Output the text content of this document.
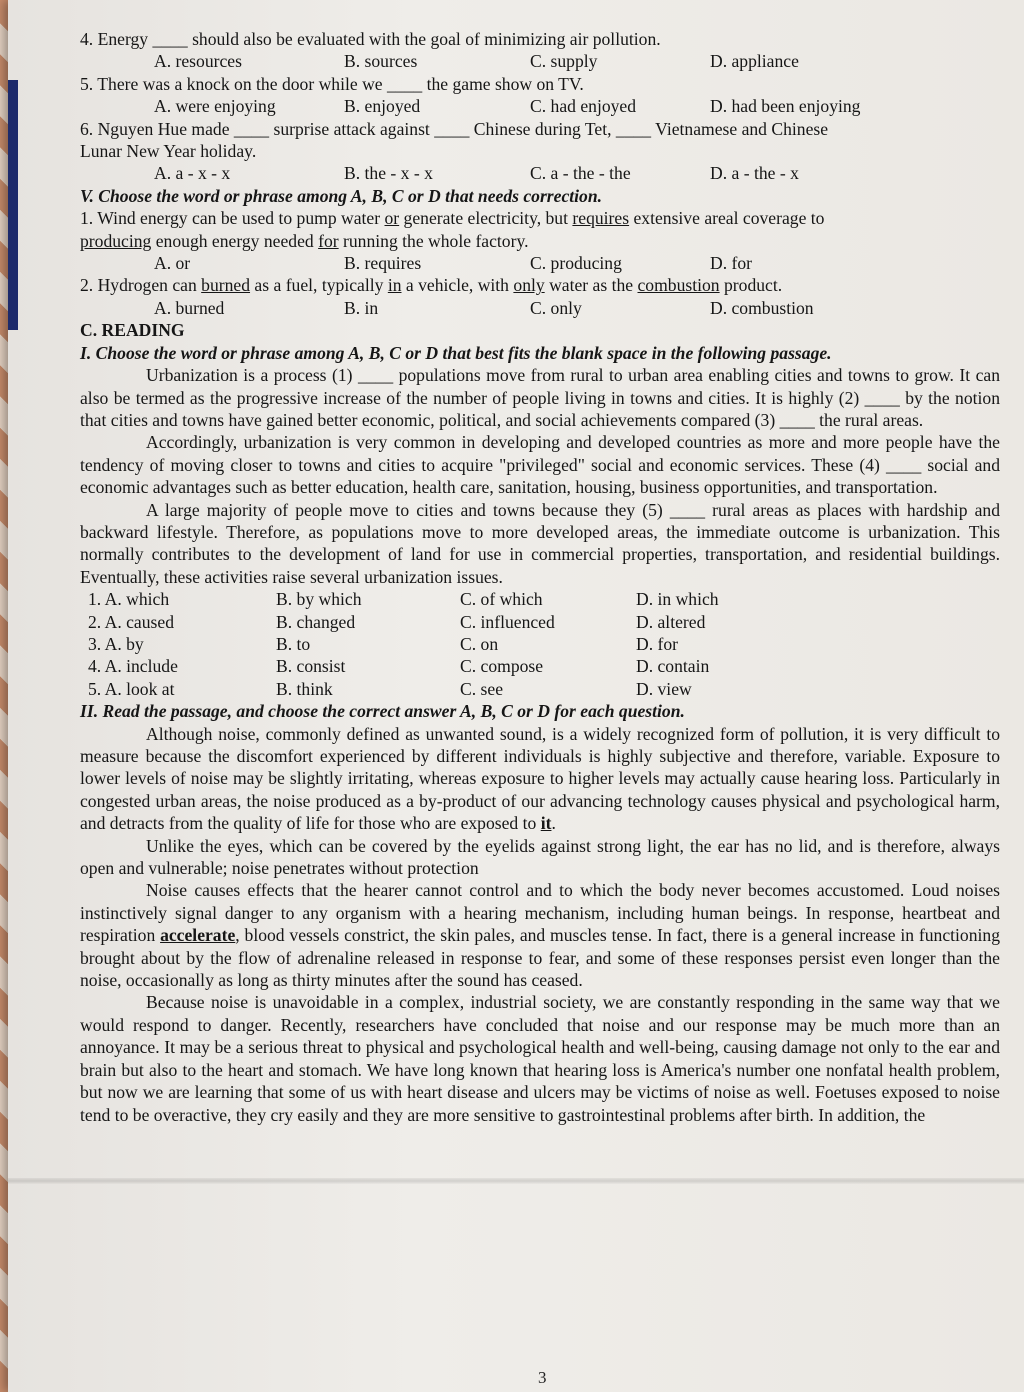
4. Energy ____ should also be evaluated with the goal of minimizing air pollution.
A. resources	B. sources	C. supply	D. appliance
5. There was a knock on the door while we ____ the game show on TV.
A. were enjoying	B. enjoyed	C. had enjoyed	D. had been enjoying
6. Nguyen Hue made ____ surprise attack against ____ Chinese during Tet, ____ Vietnamese and Chinese
Lunar New Year holiday.
A. a - x - x	B. the - x - x	C. a - the - the	D. a - the - x
V. Choose the word or phrase among A, B, C or D that needs correction.
1. Wind energy can be used to pump water or generate electricity, but requires extensive areal coverage to
producing enough energy needed for running the whole factory.
A. or	B. requires	C. producing	D. for
2. Hydrogen can burned as a fuel, typically in a vehicle, with only water as the combustion product.
A. burned	B. in	C. only	D. combustion
C. READING
I. Choose the word or phrase among A, B, C or D that best fits the blank space in the following passage.

Urbanization is a process (1) ____ populations move from rural to urban area enabling cities and towns to grow. It can also be termed as the progressive increase of the number of people living in towns and cities. It is highly (2) ____ by the notion that cities and towns have gained better economic, political, and social achievements compared (3) ____ the rural areas.

Accordingly, urbanization is very common in developing and developed countries as more and more people have the tendency of moving closer to towns and cities to acquire "privileged" social and economic services. These (4) ____ social and economic advantages such as better education, health care, sanitation, housing, business opportunities, and transportation.

A large majority of people move to cities and towns because they (5) ____ rural areas as places with hardship and backward lifestyle. Therefore, as populations move to more developed areas, the immediate outcome is urbanization. This normally contributes to the development of land for use in commercial properties, transportation, and residential buildings. Eventually, these activities raise several urbanization issues.

1. A. which	B. by which	C. of which	D. in which
2. A. caused	B. changed	C. influenced	D. altered
3. A. by	B. to	C. on	D. for
4. A. include	B. consist	C. compose	D. contain
5. A. look at	B. think	C. see	D. view
II. Read the passage, and choose the correct answer A, B, C or D for each question.

Although noise, commonly defined as unwanted sound, is a widely recognized form of pollution, it is very difficult to measure because the discomfort experienced by different individuals is highly subjective and therefore, variable. Exposure to lower levels of noise may be slightly irritating, whereas exposure to higher levels may actually cause hearing loss. Particularly in congested urban areas, the noise produced as a by-product of our advancing technology causes physical and psychological harm, and detracts from the quality of life for those who are exposed to it.

Unlike the eyes, which can be covered by the eyelids against strong light, the ear has no lid, and is therefore, always open and vulnerable; noise penetrates without protection

Noise causes effects that the hearer cannot control and to which the body never becomes accustomed. Loud noises instinctively signal danger to any organism with a hearing mechanism, including human beings. In response, heartbeat and respiration accelerate, blood vessels constrict, the skin pales, and muscles tense. In fact, there is a general increase in functioning brought about by the flow of adrenaline released in response to fear, and some of these responses persist even longer than the noise, occasionally as long as thirty minutes after the sound has ceased.

Because noise is unavoidable in a complex, industrial society, we are constantly responding in the same way that we would respond to danger. Recently, researchers have concluded that noise and our response may be much more than an annoyance. It may be a serious threat to physical and psychological health and well-being, causing damage not only to the ear and brain but also to the heart and stomach. We have long known that hearing loss is America's number one nonfatal health problem, but now we are learning that some of us with heart disease and ulcers may be victims of noise as well. Foetuses exposed to noise tend to be overactive, they cry easily and they are more sensitive to gastrointestinal problems after birth. In addition, the

3
